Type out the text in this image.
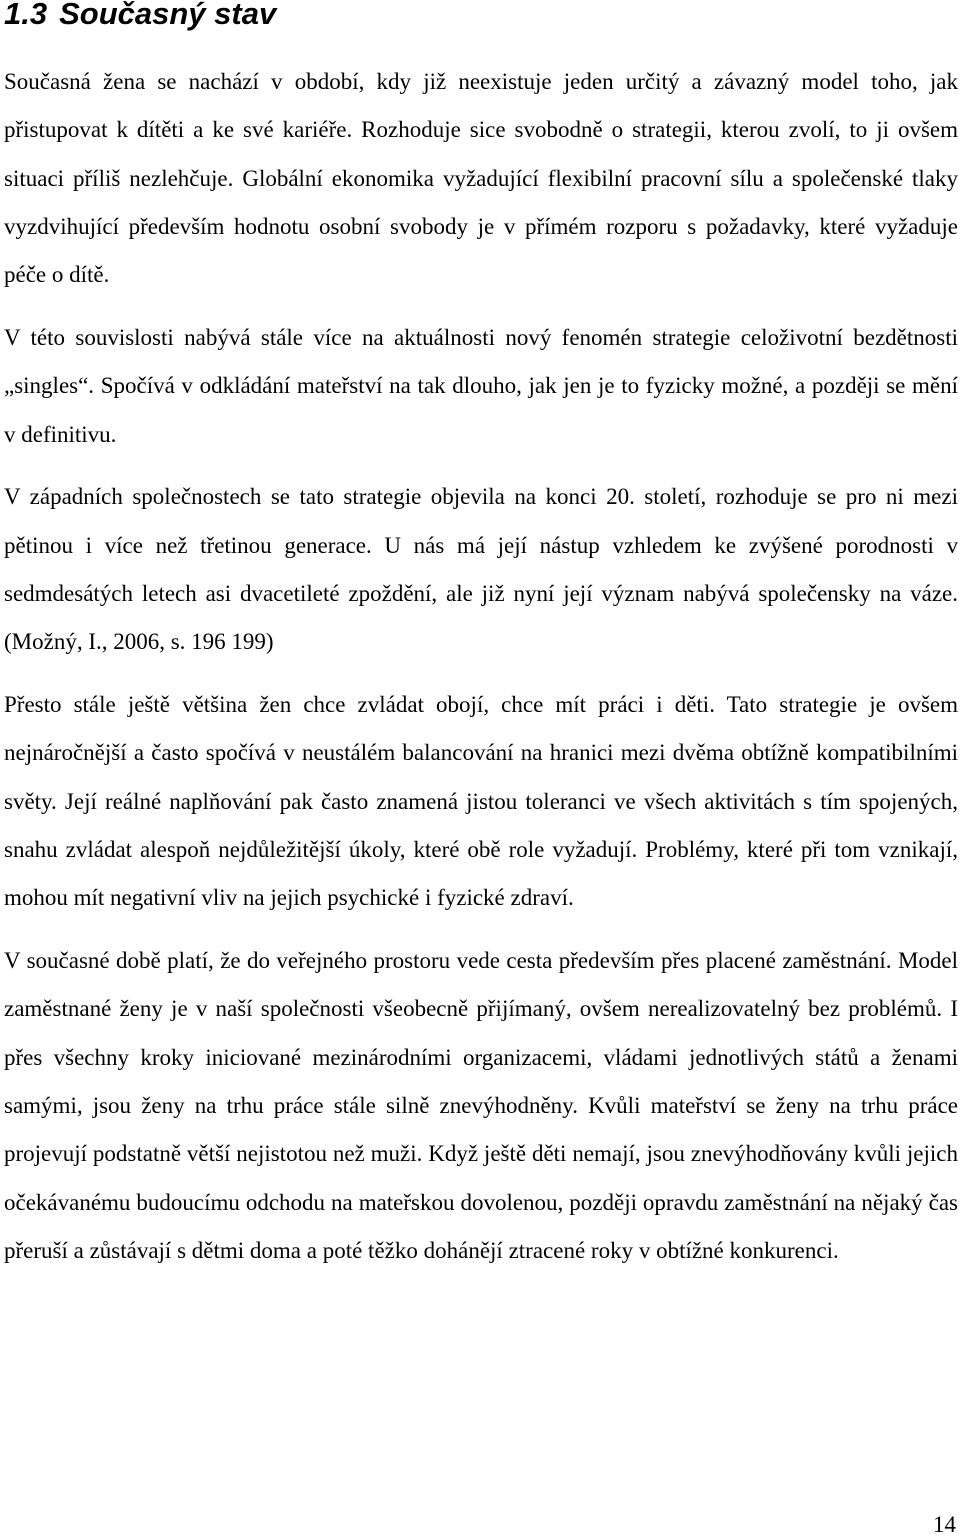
1.3 Současný stav

Současná žena se nachází v období, kdy již neexistuje jeden určitý a závazný model toho, jak přistupovat k dítěti a ke své kariéře. Rozhoduje sice svobodně o strategii, kterou zvolí, to ji ovšem situaci příliš nezlehčuje. Globální ekonomika vyžadující flexibilní pracovní sílu a společenské tlaky vyzdvihující především hodnotu osobní svobody je v přímém rozporu s požadavky, které vyžaduje péče o dítě.

V této souvislosti nabývá stále více na aktuálnosti nový fenomén strategie celoživotní bezdětnosti „singles“. Spočívá v odkládání mateřství na tak dlouho, jak jen je to fyzicky možné, a později se mění v definitivu.

V západních společnostech se tato strategie objevila na konci 20. století, rozhoduje se pro ni mezi pětinou i více než třetinou generace. U nás má její nástup vzhledem ke zvýšené porodnosti v sedmdesátých letech asi dvacetileté zpoždění, ale již nyní její význam nabývá společensky na váze. (Možný, I., 2006, s. 196 199)

Přesto stále ještě většina žen chce zvládat obojí, chce mít práci i děti. Tato strategie je ovšem nejnáročnější a často spočívá v neustálém balancování na hranici mezi dvěma obtížně kompatibilními světy. Její reálné naplňování pak často znamená jistou toleranci ve všech aktivitách s tím spojených, snahu zvládat alespoň nejdůležitější úkoly, které obě role vyžadují. Problémy, které při tom vznikají, mohou mít negativní vliv na jejich psychické i fyzické zdraví.

V současné době platí, že do veřejného prostoru vede cesta především přes placené zaměstnání. Model zaměstnané ženy je v naší společnosti všeobecně přijímaný, ovšem nerealizovatelný bez problémů. I přes všechny kroky iniciované mezinárodními organizacemi, vládami jednotlivých států a ženami samými, jsou ženy na trhu práce stále silně znevýhodněny. Kvůli mateřství se ženy na trhu práce projevují podstatně větší nejistotou než muži. Když ještě děti nemají, jsou znevýhodňovány kvůli jejich očekávanému budoucímu odchodu na mateřskou dovolenou, později opravdu zaměstnání na nějaký čas přeruší a zůstávají s dětmi doma a poté těžko dohánějí ztracené roky v obtížné konkurenci.

14
